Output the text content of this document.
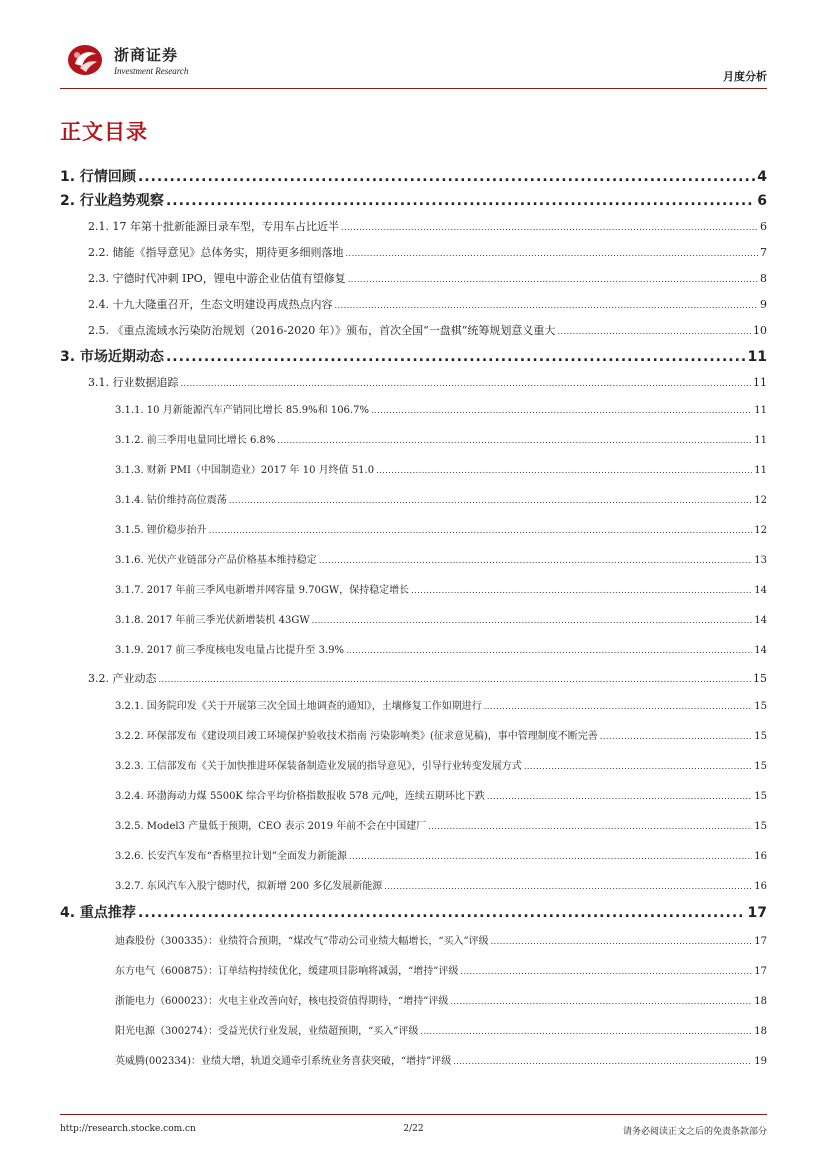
浙商证券
Investment Research	月度分析
正文目录
1. 行情回顾 .....	4
2. 行业趋势观察 .....	6
2.1. 17 年第十批新能源目录车型，专用车占比近半 .....	6
2.2. 储能《指导意见》总体务实，期待更多细则落地 .....	7
2.3. 宁德时代冲刺 IPO，锂电中游企业估值有望修复 .....	8
2.4. 十九大隆重召开，生态文明建设再成热点内容 .....	9
2.5. 《重点流域水污染防治规划（2016-2020 年）》颁布，首次全国“一盘棋”统筹规划意义重大 .....	10
3. 市场近期动态 .....	11
3.1. 行业数据追踪 .....	11
3.1.1. 10 月新能源汽车产销同比增长 85.9%和 106.7% .....	11
3.1.2. 前三季用电量同比增长 6.8% .....	11
3.1.3. 财新 PMI（中国制造业）2017 年 10 月终值 51.0 .....	11
3.1.4. 钴价维持高位震荡 .....	12
3.1.5. 锂价稳步抬升 .....	12
3.1.6. 光伏产业链部分产品价格基本维持稳定 .....	13
3.1.7. 2017 年前三季风电新增并网容量 9.70GW，保持稳定增长 .....	14
3.1.8. 2017 年前三季光伏新增装机 43GW .....	14
3.1.9. 2017 前三季度核电发电量占比提升至 3.9% .....	14
3.2. 产业动态 .....	15
3.2.1. 国务院印发《关于开展第三次全国土地调查的通知》，土壤修复工作如期进行 .....	15
3.2.2. 环保部发布《建设项目竣工环境保护验收技术指南 污染影响类》(征求意见稿)，事中管理制度不断完善 .....	15
3.2.3. 工信部发布《关于加快推进环保装备制造业发展的指导意见》，引导行业转变发展方式 .....	15
3.2.4. 环渤海动力煤 5500K 综合平均价格指数报收 578 元/吨，连续五期环比下跌 .....	15
3.2.5. Model3 产量低于预期，CEO 表示 2019 年前不会在中国建厂 .....	15
3.2.6. 长安汽车发布“香格里拉计划”全面发力新能源 .....	16
3.2.7. 东风汽车入股宁德时代，拟新增 200 多亿发展新能源 .....	16
4. 重点推荐 .....	17
迪森股份（300335）：业绩符合预期，“煤改气”带动公司业绩大幅增长，“买入”评级 .....	17
东方电气（600875）：订单结构持续优化，缓建项目影响将减弱，“增持”评级 .....	17
浙能电力（600023）：火电主业改善向好，核电投资值得期待，“增持”评级 .....	18
阳光电源（300274）：受益光伏行业发展，业绩超预期，“买入”评级 .....	18
英威腾(002334)：业绩大增，轨道交通牵引系统业务喜获突破，“增持”评级 .....	19
http://research.stocke.com.cn	2/22	请务必阅读正文之后的免责条款部分
